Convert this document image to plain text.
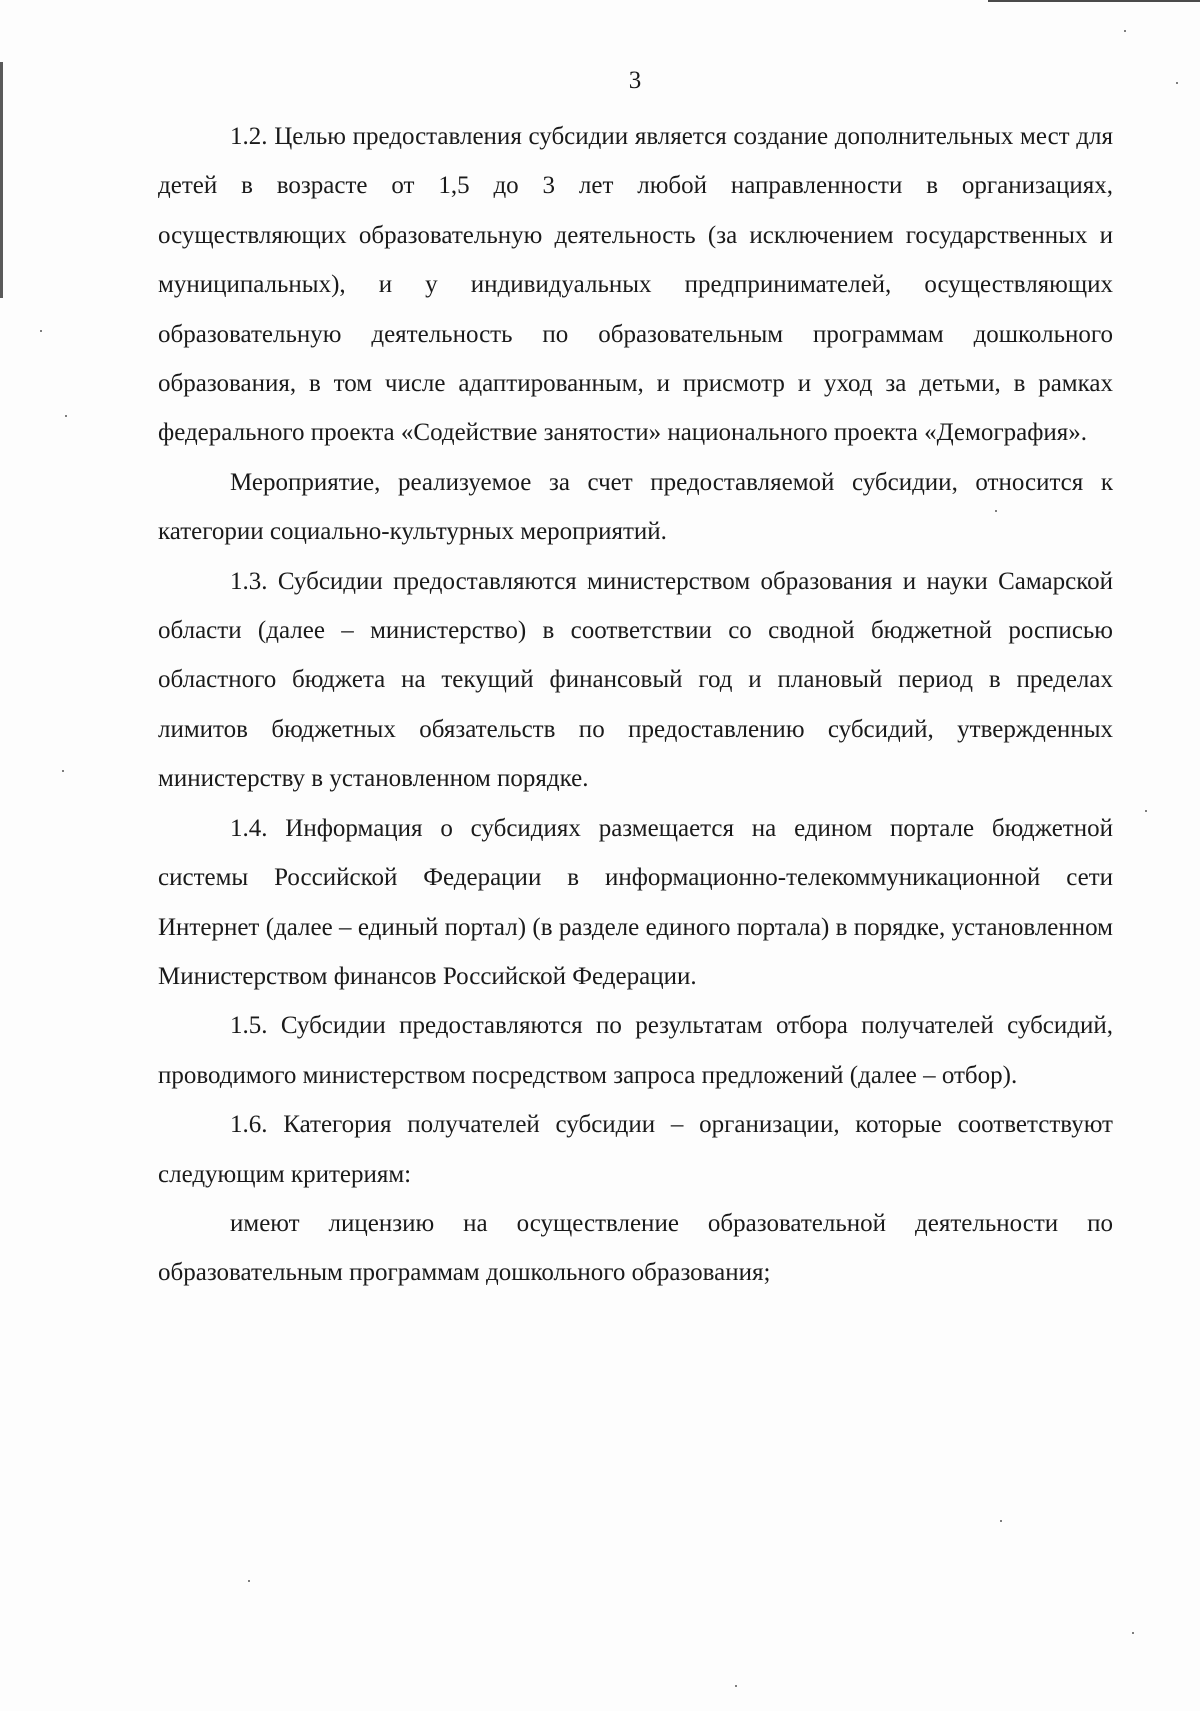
3

1.2. Целью предоставления субсидии является создание дополнительных мест для детей в возрасте от 1,5 до 3 лет любой направленности в организациях, осуществляющих образовательную деятельность (за исключением государственных и муниципальных), и у индивидуальных предпринимателей, осуществляющих образовательную деятельность по образовательным программам дошкольного образования, в том числе адаптированным, и присмотр и уход за детьми, в рамках федерального проекта «Содействие занятости» национального проекта «Демография».

Мероприятие, реализуемое за счет предоставляемой субсидии, относится к категории социально-культурных мероприятий.

1.3. Субсидии предоставляются министерством образования и науки Самарской области (далее – министерство) в соответствии со сводной бюджетной росписью областного бюджета на текущий финансовый год и плановый период в пределах лимитов бюджетных обязательств по предоставлению субсидий, утвержденных министерству в установленном порядке.

1.4. Информация о субсидиях размещается на едином портале бюджетной системы Российской Федерации в информационно-телекоммуникационной сети Интернет (далее – единый портал) (в разделе единого портала) в порядке, установленном Министерством финансов Российской Федерации.

1.5. Субсидии предоставляются по результатам отбора получателей субсидий, проводимого министерством посредством запроса предложений (далее – отбор).

1.6. Категория получателей субсидии – организации, которые соответствуют следующим критериям:

имеют лицензию на осуществление образовательной деятельности по образовательным программам дошкольного образования;
